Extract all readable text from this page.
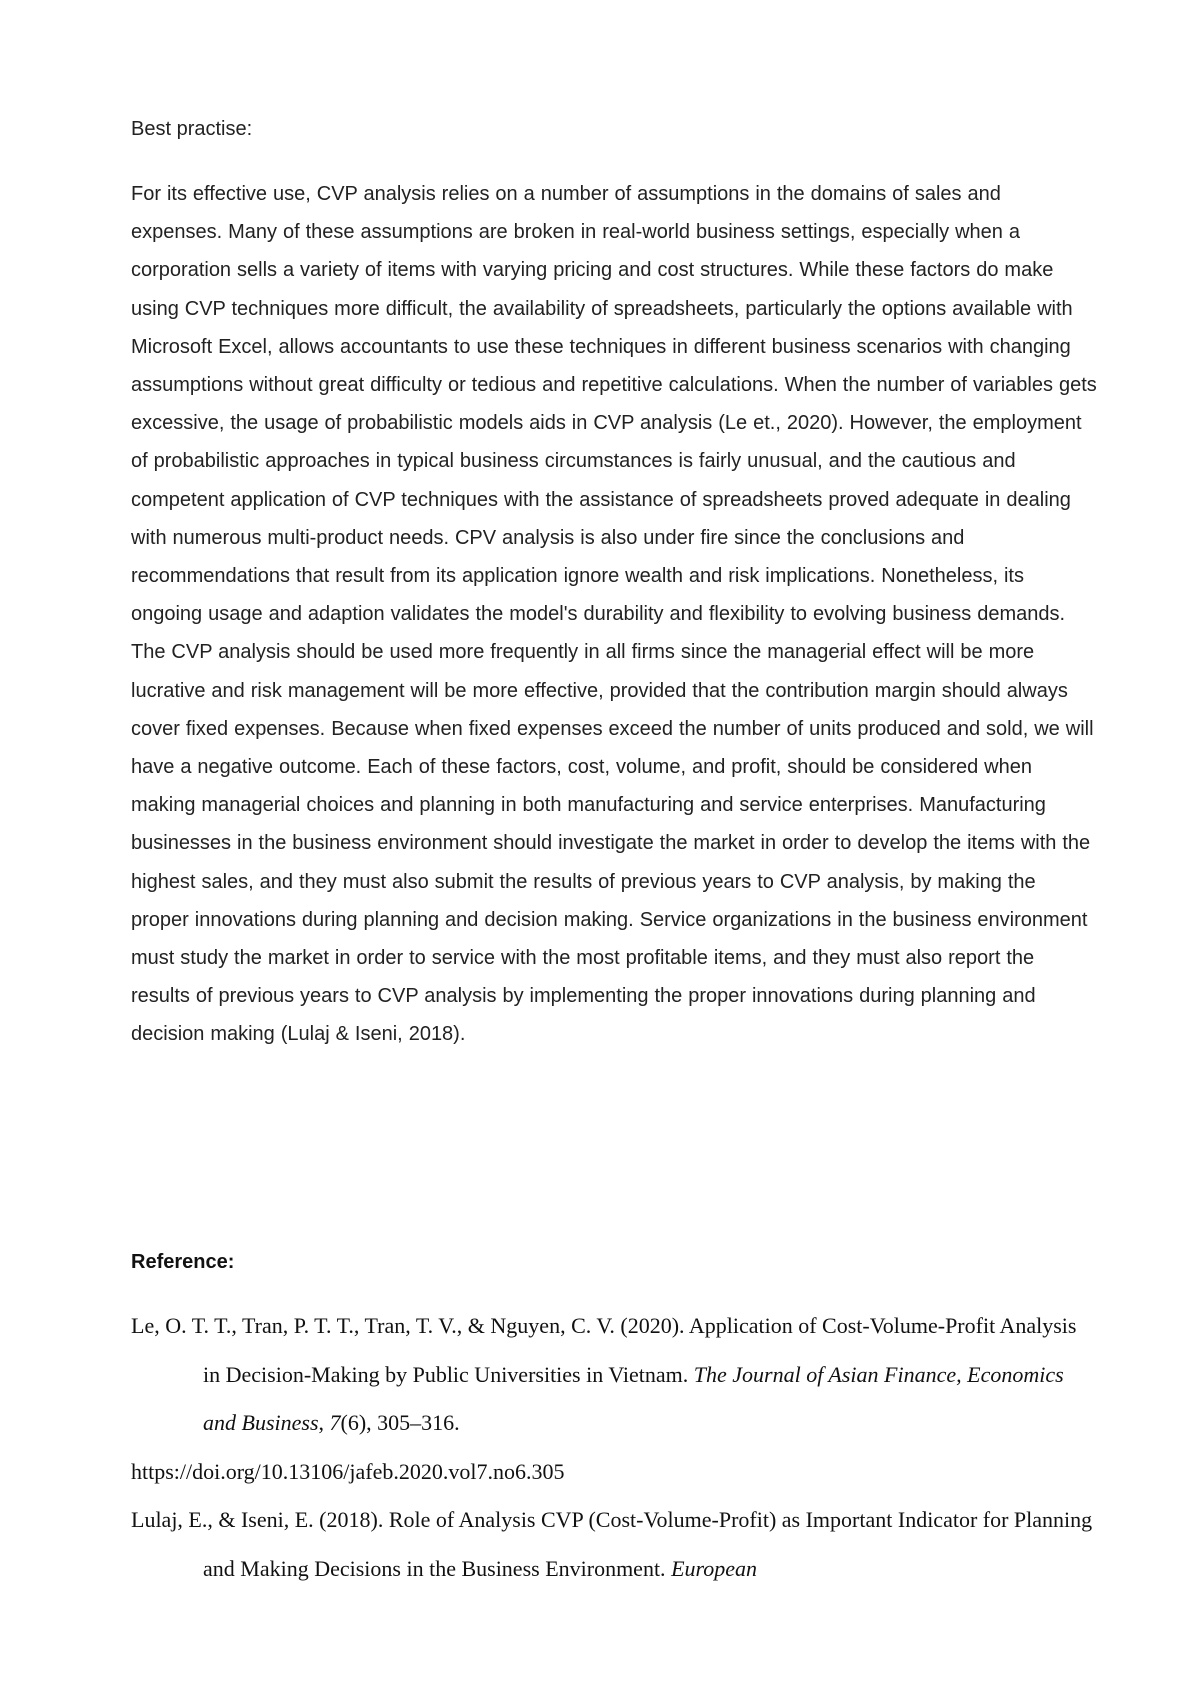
Best practise:

For its effective use, CVP analysis relies on a number of assumptions in the domains of sales and expenses. Many of these assumptions are broken in real-world business settings, especially when a corporation sells a variety of items with varying pricing and cost structures. While these factors do make using CVP techniques more difficult, the availability of spreadsheets, particularly the options available with Microsoft Excel, allows accountants to use these techniques in different business scenarios with changing assumptions without great difficulty or tedious and repetitive calculations. When the number of variables gets excessive, the usage of probabilistic models aids in CVP analysis (Le et., 2020). However, the employment of probabilistic approaches in typical business circumstances is fairly unusual, and the cautious and competent application of CVP techniques with the assistance of spreadsheets proved adequate in dealing with numerous multi-product needs. CPV analysis is also under fire since the conclusions and recommendations that result from its application ignore wealth and risk implications. Nonetheless, its ongoing usage and adaption validates the model's durability and flexibility to evolving business demands. The CVP analysis should be used more frequently in all firms since the managerial effect will be more lucrative and risk management will be more effective, provided that the contribution margin should always cover fixed expenses. Because when fixed expenses exceed the number of units produced and sold, we will have a negative outcome. Each of these factors, cost, volume, and profit, should be considered when making managerial choices and planning in both manufacturing and service enterprises. Manufacturing businesses in the business environment should investigate the market in order to develop the items with the highest sales, and they must also submit the results of previous years to CVP analysis, by making the proper innovations during planning and decision making. Service organizations in the business environment must study the market in order to service with the most profitable items, and they must also report the results of previous years to CVP analysis by implementing the proper innovations during planning and decision making (Lulaj & Iseni, 2018).

Reference:

Le, O. T. T., Tran, P. T. T., Tran, T. V., & Nguyen, C. V. (2020). Application of Cost-Volume-Profit Analysis in Decision-Making by Public Universities in Vietnam. The Journal of Asian Finance, Economics and Business, 7(6), 305–316.
https://doi.org/10.13106/jafeb.2020.vol7.no6.305
Lulaj, E., & Iseni, E. (2018). Role of Analysis CVP (Cost-Volume-Profit) as Important Indicator for Planning and Making Decisions in the Business Environment. European
